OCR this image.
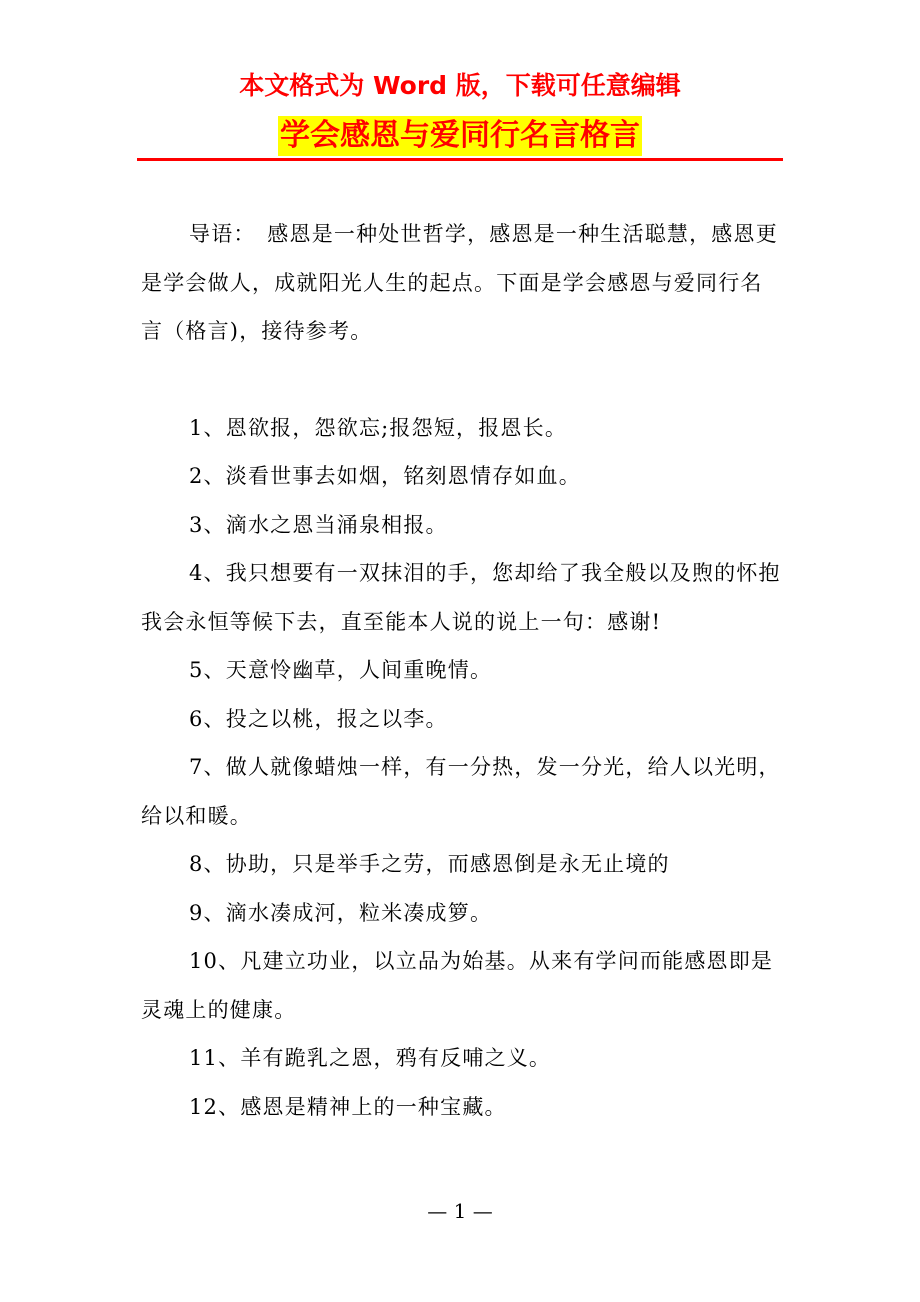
本文格式为 Word 版，下载可任意编辑
学会感恩与爱同行名言格言

导语：　感恩是一种处世哲学，感恩是一种生活聪慧，感恩更是学会做人，成就阳光人生的起点。下面是学会感恩与爱同行名言（格言)，接待参考。

1、恩欲报，怨欲忘;报怨短，报恩长。

2、淡看世事去如烟，铭刻恩情存如血。

3、滴水之恩当涌泉相报。

4、我只想要有一双抹泪的手，您却给了我全般以及煦的怀抱我会永恒等候下去，直至能本人说的说上一句：感谢!

5、天意怜幽草，人间重晚情。

6、投之以桃，报之以李。

7、做人就像蜡烛一样，有一分热，发一分光，给人以光明，给以和暖。

8、协助，只是举手之劳，而感恩倒是永无止境的

9、滴水凑成河，粒米凑成箩。

10、凡建立功业，以立品为始基。从来有学问而能感恩即是灵魂上的健康。

11、羊有跪乳之恩，鸦有反哺之义。

12、感恩是精神上的一种宝藏。

— 1 —
